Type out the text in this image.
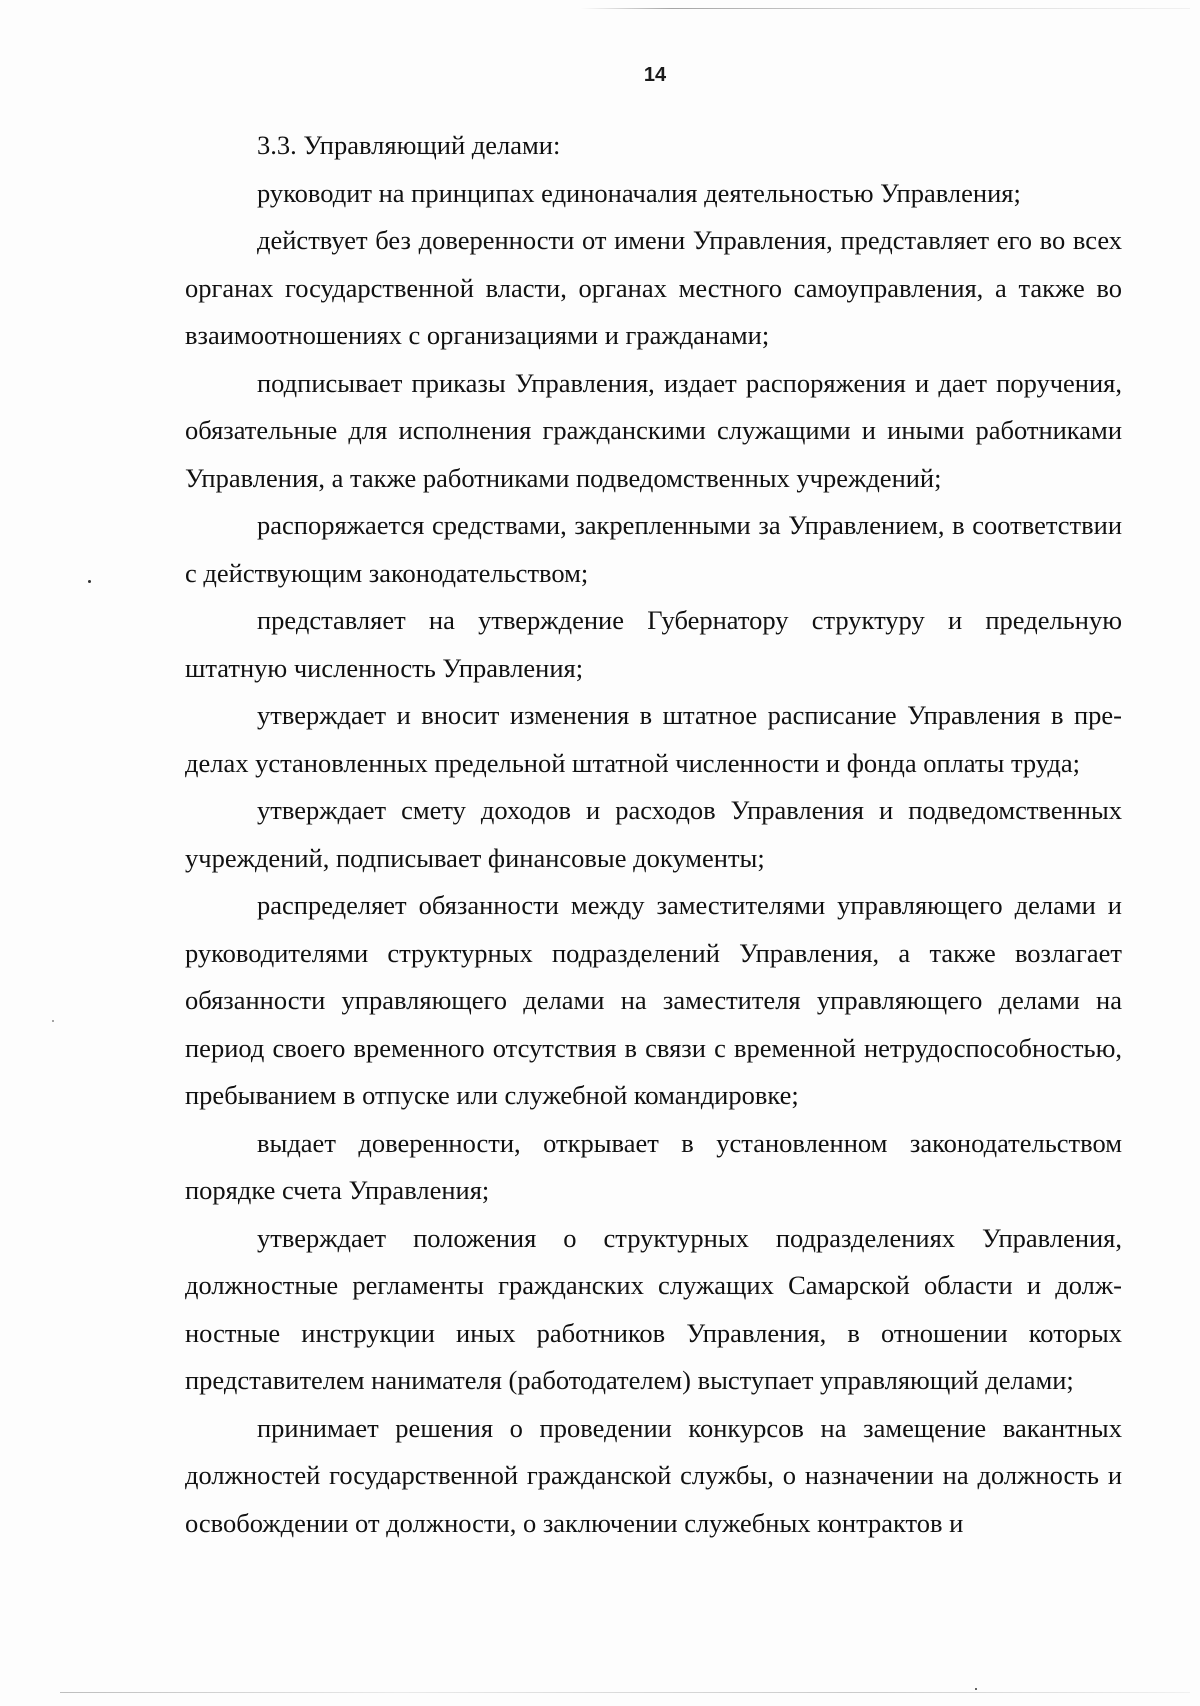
14

3.3. Управляющий делами:

руководит на принципах единоначалия деятельностью Управления;

действует без доверенности от имени Управления, представляет его во всех органах государственной власти, органах местного самоуправления, а также во взаимоотношениях с организациями и гражданами;

подписывает приказы Управления, издает распоряжения и дает поручения, обязательные для исполнения гражданскими служащими и иными работниками Управления, а также работниками подведомственных учреждений;

распоряжается средствами, закрепленными за Управлением, в соответствии с действующим законодательством;

представляет на утверждение Губернатору структуру и предельную штатную численность Управления;

утверждает и вносит изменения в штатное расписание Управления в пределах установленных предельной штатной численности и фонда оплаты труда;

утверждает смету доходов и расходов Управления и подведомственных учреждений, подписывает финансовые документы;

распределяет обязанности между заместителями управляющего делами и руководителями структурных подразделений Управления, а также возлагает обязанности управляющего делами на заместителя управляющего делами на период своего временного отсутствия в связи с временной нетрудоспособностью, пребыванием в отпуске или служебной командировке;

выдает доверенности, открывает в установленном законодательством порядке счета Управления;

утверждает положения о структурных подразделениях Управления, должностные регламенты гражданских служащих Самарской области и должностные инструкции иных работников Управления, в отношении которых представителем нанимателя (работодателем) выступает управляющий делами;

принимает решения о проведении конкурсов на замещение вакантных должностей государственной гражданской службы, о назначении на должность и освобождении от должности, о заключении служебных контрактов и
